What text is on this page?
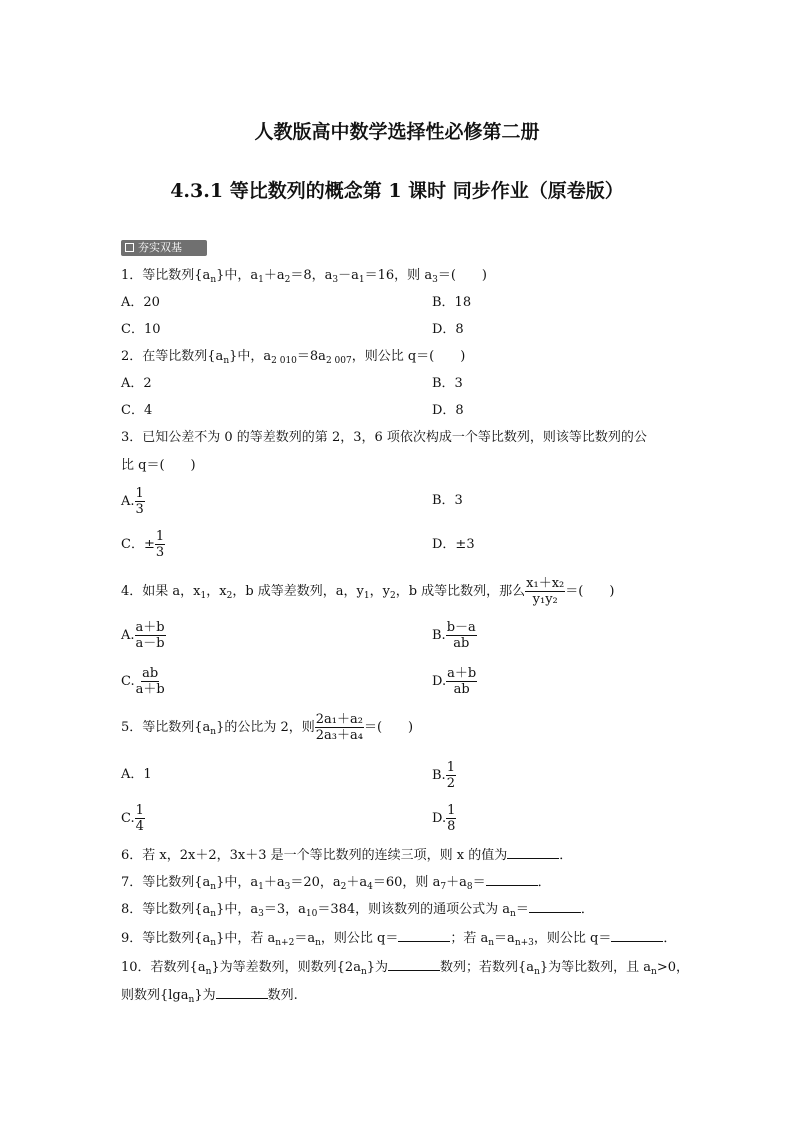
人教版高中数学选择性必修第二册
4.3.1 等比数列的概念第 1 课时 同步作业（原卷版）
夯实双基
1．等比数列$\{a_n\}$中，$a_1+a_2=8$，$a_3-a_1=16$，则 $a_3=$(　　)
A．20	B．18
C．10	D．8
2．在等比数列$\{a_n\}$中，$a_{2 010}=8a_{2 007}$，则公比 q＝(　　)
A．2	B．3
C．4	D．8
3．已知公差不为 0 的等差数列的第 2，3，6 项依次构成一个等比数列，则该等比数列的公
比 q＝(　　)
A. $\frac{1}{3}$	B．3
C．± $\frac{1}{3}$	D．±3
4．如果 a，$x_1$，$x_2$，b 成等差数列，a，$y_1$，$y_2$，b 成等比数列，那么 $\frac{\text{x₁＋x₂}}{\text{y₁y₂}}$ ＝(　　)
A. $\frac{a+b}{a-b}$	B. $\frac{b-a}{ab}$
C. $\frac{ab}{a+b}$	D. $\frac{a+b}{ab}$
5．等比数列$\{a_n\}$的公比为 2，则 $\frac{\text{2a₁＋a₂}}{\text{2a₃＋a₄}}$ ＝(　　)
A．1	B. $\frac{1}{2}$
C. $\frac{1}{4}$	D. $\frac{1}{8}$
6．若 x，2x＋2，3x＋3 是一个等比数列的连续三项，则 x 的值为	．
7．等比数列$\{a_n\}$中，$a_1+a_3=20$，$a_2+a_4=60$，则 $a_7+a_8=$	．
8．等比数列$\{a_n\}$中，$a_3=3$，$a_{10}=384$，则该数列的通项公式为 $a_n=$	．
9．等比数列$\{a_n\}$中，若 $a_{n+2}=a_n$，则公比 q＝	；若 $a_n=a_{n+3}$，则公比 q＝	．
10．若数列$\{a_n\}$为等差数列，则数列$\{2a_n\}$为	数列；若数列$\{a_n\}$为等比数列，且 $a_n>0$，
则数列{lga$_n$}为	数列.
